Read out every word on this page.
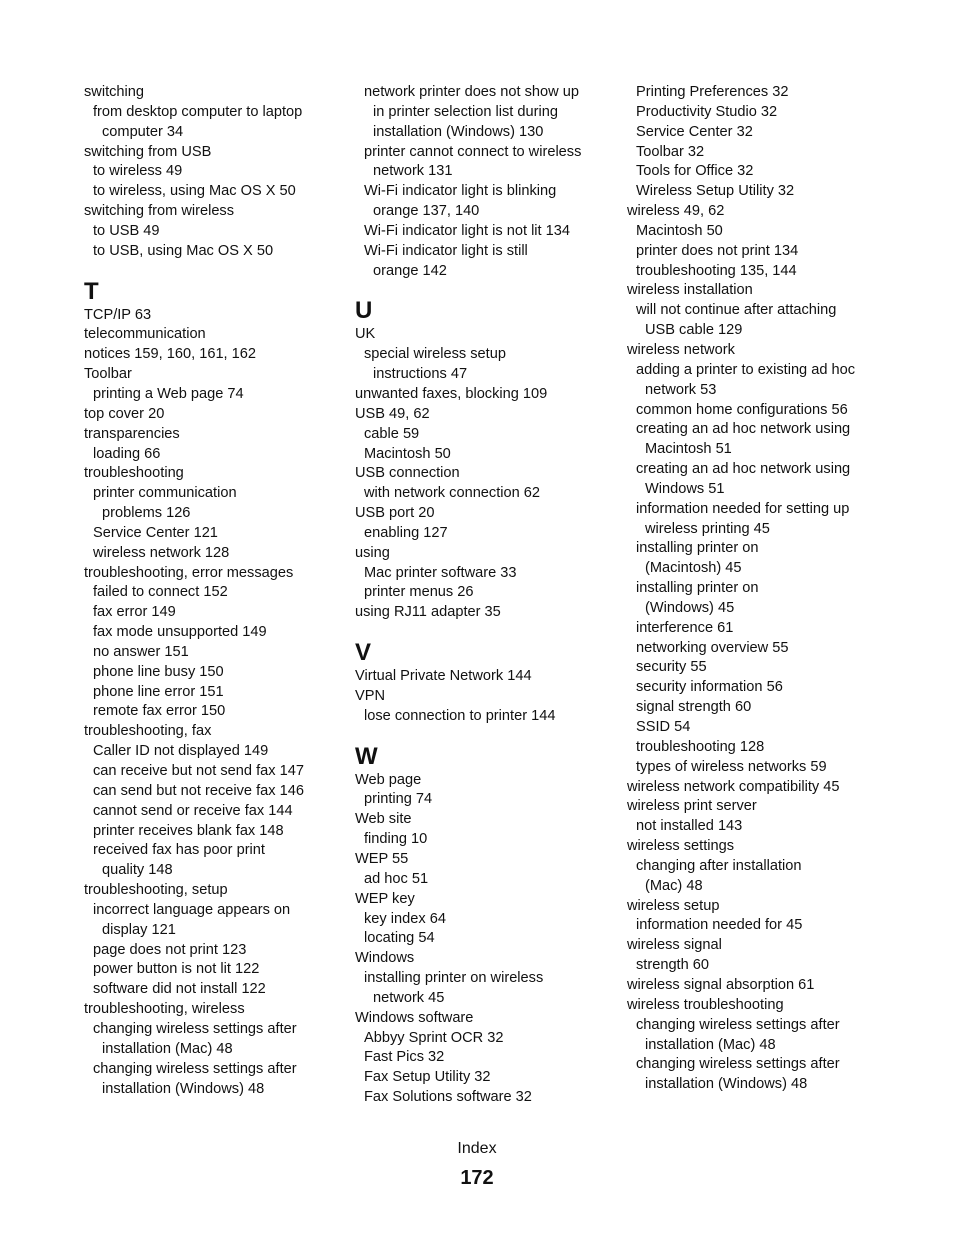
switching
from desktop computer to laptop
computer 34
switching from USB
to wireless 49
to wireless, using Mac OS X 50
switching from wireless
to USB 49
to USB, using Mac OS X 50
T
TCP/IP 63
telecommunication
notices 159, 160, 161, 162
Toolbar
printing a Web page 74
top cover 20
transparencies
loading 66
troubleshooting
printer communication
problems 126
Service Center 121
wireless network 128
troubleshooting, error messages
failed to connect 152
fax error 149
fax mode unsupported 149
no answer 151
phone line busy 150
phone line error 151
remote fax error 150
troubleshooting, fax
Caller ID not displayed 149
can receive but not send fax 147
can send but not receive fax 146
cannot send or receive fax 144
printer receives blank fax 148
received fax has poor print
quality 148
troubleshooting, setup
incorrect language appears on
display 121
page does not print 123
power button is not lit 122
software did not install 122
troubleshooting, wireless
changing wireless settings after
installation (Mac) 48
changing wireless settings after
installation (Windows) 48
network printer does not show up
in printer selection list during
installation (Windows) 130
printer cannot connect to wireless
network 131
Wi-Fi indicator light is blinking
orange 137, 140
Wi-Fi indicator light is not lit 134
Wi-Fi indicator light is still
orange 142
U
UK
special wireless setup
instructions 47
unwanted faxes, blocking 109
USB 49, 62
cable 59
Macintosh 50
USB connection
with network connection 62
USB port 20
enabling 127
using
Mac printer software 33
printer menus 26
using RJ11 adapter 35
V
Virtual Private Network 144
VPN
lose connection to printer 144
W
Web page
printing 74
Web site
finding 10
WEP 55
ad hoc 51
WEP key
key index 64
locating 54
Windows
installing printer on wireless
network 45
Windows software
Abbyy Sprint OCR 32
Fast Pics 32
Fax Setup Utility 32
Fax Solutions software 32
Printing Preferences 32
Productivity Studio 32
Service Center 32
Toolbar 32
Tools for Office 32
Wireless Setup Utility 32
wireless 49, 62
Macintosh 50
printer does not print 134
troubleshooting 135, 144
wireless installation
will not continue after attaching
USB cable 129
wireless network
adding a printer to existing ad hoc
network 53
common home configurations 56
creating an ad hoc network using
Macintosh 51
creating an ad hoc network using
Windows 51
information needed for setting up
wireless printing 45
installing printer on
(Macintosh) 45
installing printer on
(Windows) 45
interference 61
networking overview 55
security 55
security information 56
signal strength 60
SSID 54
troubleshooting 128
types of wireless networks 59
wireless network compatibility 45
wireless print server
not installed 143
wireless settings
changing after installation
(Mac) 48
wireless setup
information needed for 45
wireless signal
strength 60
wireless signal absorption 61
wireless troubleshooting
changing wireless settings after
installation (Mac) 48
changing wireless settings after
installation (Windows) 48
Index
172
